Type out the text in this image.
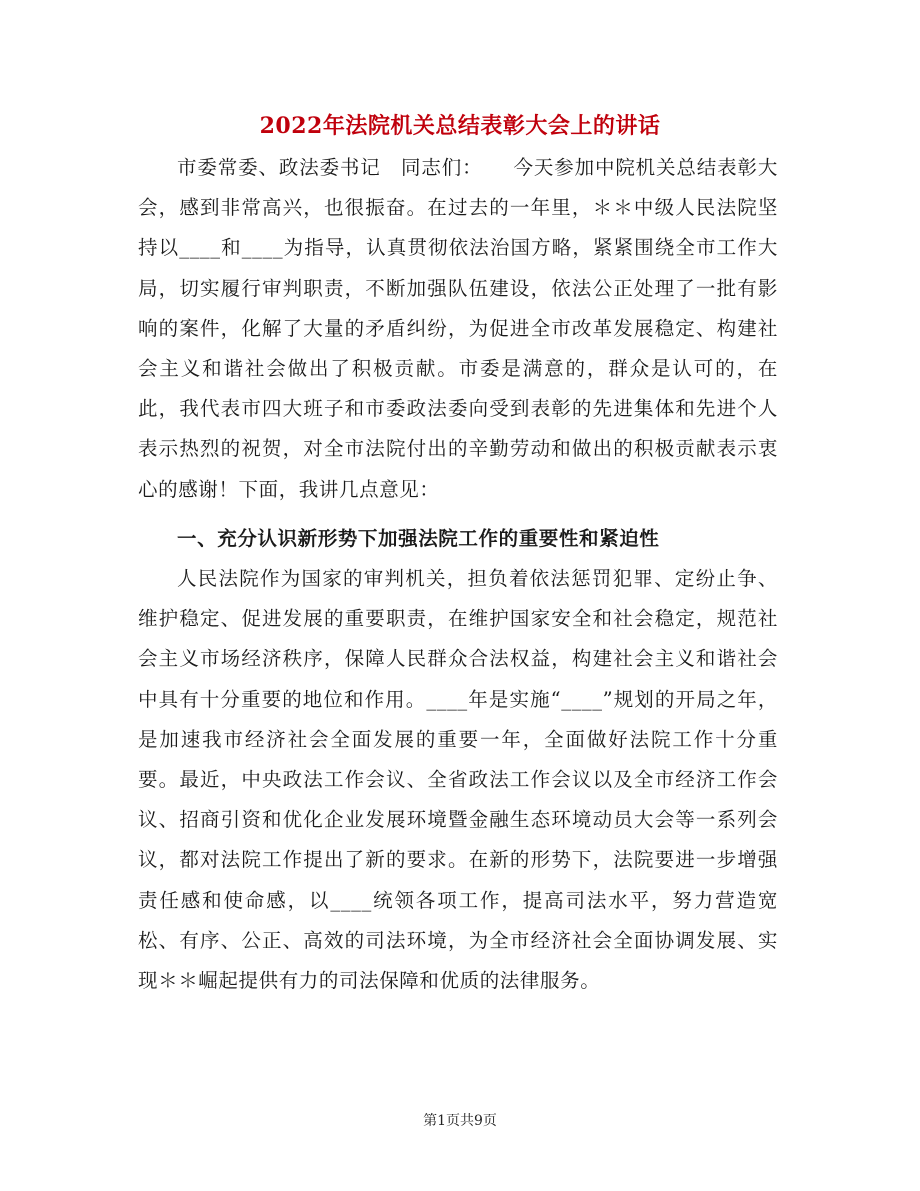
2022年法院机关总结表彰大会上的讲话

市委常委、政法委书记　同志们：　　今天参加中院机关总结表彰大会，感到非常高兴，也很振奋。在过去的一年里，＊＊中级人民法院坚持以____和____为指导，认真贯彻依法治国方略，紧紧围绕全市工作大局，切实履行审判职责，不断加强队伍建设，依法公正处理了一批有影响的案件，化解了大量的矛盾纠纷，为促进全市改革发展稳定、构建社会主义和谐社会做出了积极贡献。市委是满意的，群众是认可的，在此，我代表市四大班子和市委政法委向受到表彰的先进集体和先进个人表示热烈的祝贺，对全市法院付出的辛勤劳动和做出的积极贡献表示衷心的感谢！下面，我讲几点意见：

一、充分认识新形势下加强法院工作的重要性和紧迫性

人民法院作为国家的审判机关，担负着依法惩罚犯罪、定纷止争、维护稳定、促进发展的重要职责，在维护国家安全和社会稳定，规范社会主义市场经济秩序，保障人民群众合法权益，构建社会主义和谐社会中具有十分重要的地位和作用。____年是实施“____”规划的开局之年，是加速我市经济社会全面发展的重要一年，全面做好法院工作十分重要。最近，中央政法工作会议、全省政法工作会议以及全市经济工作会议、招商引资和优化企业发展环境暨金融生态环境动员大会等一系列会议，都对法院工作提出了新的要求。在新的形势下，法院要进一步增强责任感和使命感，以____统领各项工作，提高司法水平，努力营造宽松、有序、公正、高效的司法环境，为全市经济社会全面协调发展、实现＊＊崛起提供有力的司法保障和优质的法律服务。

第1页共9页
